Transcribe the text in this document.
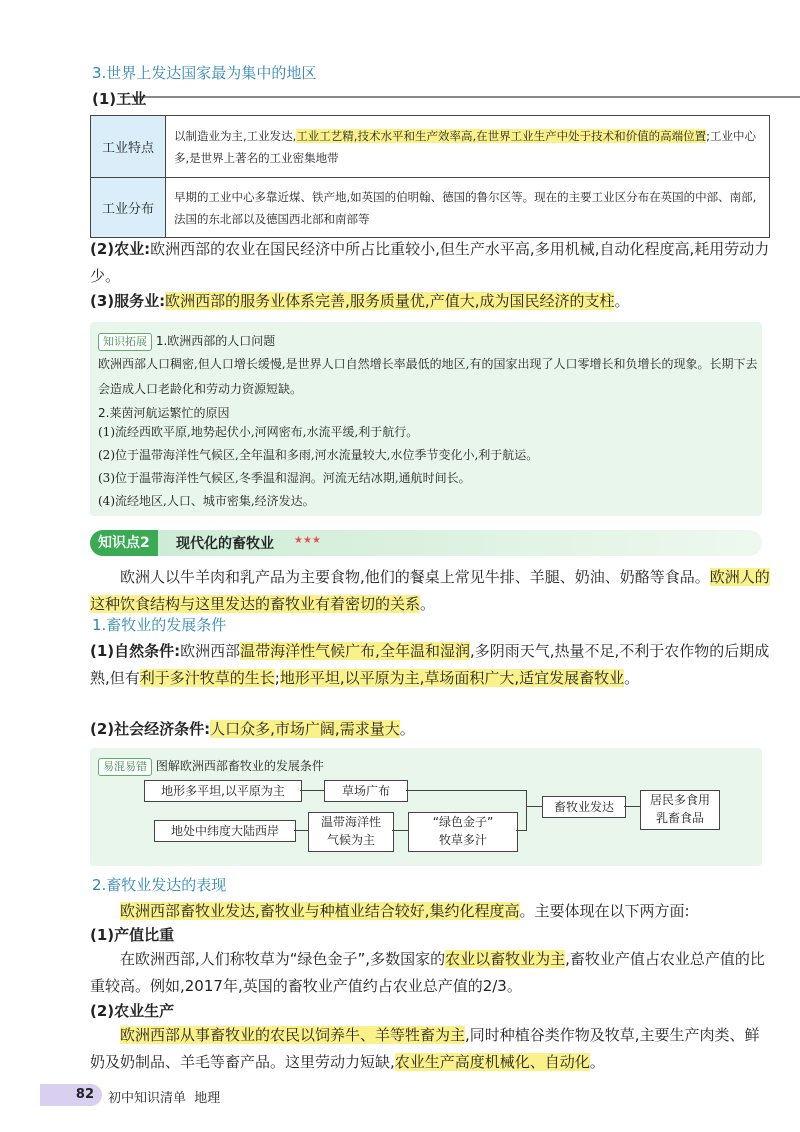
3.世界上发达国家最为集中的地区
(1)工业
工业特点	以制造业为主,工业发达,工业工艺精,技术水平和生产效率高,在世界工业生产中处于技术和价值的高端位置;工业中心多,是世界上著名的工业密集地带
工业分布	早期的工业中心多靠近煤、铁产地,如英国的伯明翰、德国的鲁尔区等。现在的主要工业区分布在英国的中部、南部,法国的东北部以及德国西北部和南部等
(2)农业:欧洲西部的农业在国民经济中所占比重较小,但生产水平高,多用机械,自动化程度高,耗用劳动力少。
(3)服务业:欧洲西部的服务业体系完善,服务质量优,产值大,成为国民经济的支柱。
知识拓展 1.欧洲西部的人口问题
欧洲西部人口稠密,但人口增长缓慢,是世界人口自然增长率最低的地区,有的国家出现了人口零增长和负增长的现象。长期下去会造成人口老龄化和劳动力资源短缺。
2.莱茵河航运繁忙的原因
(1)流经西欧平原,地势起伏小,河网密布,水流平缓,利于航行。
(2)位于温带海洋性气候区,全年温和多雨,河水流量较大,水位季节变化小,利于航运。
(3)位于温带海洋性气候区,冬季温和湿润。河流无结冰期,通航时间长。
(4)流经地区,人口、城市密集,经济发达。
知识点2	现代化的畜牧业 ★★★
欧洲人以牛羊肉和乳产品为主要食物,他们的餐桌上常见牛排、羊腿、奶油、奶酪等食品。欧洲人的这种饮食结构与这里发达的畜牧业有着密切的关系。
1.畜牧业的发展条件
(1)自然条件:欧洲西部温带海洋性气候广布,全年温和湿润,多阴雨天气,热量不足,不利于农作物的后期成熟,但有利于多汁牧草的生长;地形平坦,以平原为主,草场面积广大,适宜发展畜牧业。
(2)社会经济条件:人口众多,市场广阔,需求量大。
易混易错 图解欧洲西部畜牧业的发展条件
地形多平坦,以平原为主	草场广布
地处中纬度大陆西岸
温带海洋性
气候为主
“绿色金子”
牧草多汁
畜牧业发达	居民多食用
乳畜食品
2.畜牧业发达的表现
欧洲西部畜牧业发达,畜牧业与种植业结合较好,集约化程度高。主要体现在以下两方面:
(1)产值比重
在欧洲西部,人们称牧草为“绿色金子”,多数国家的农业以畜牧业为主,畜牧业产值占农业总产值的比重较高。例如,2017年,英国的畜牧业产值约占农业总产值的2/3。
(2)农业生产
欧洲西部从事畜牧业的农民以饲养牛、羊等牲畜为主,同时种植谷类作物及牧草,主要生产肉类、鲜奶及奶制品、羊毛等畜产品。这里劳动力短缺,农业生产高度机械化、自动化。
82 初中知识清单 地理
